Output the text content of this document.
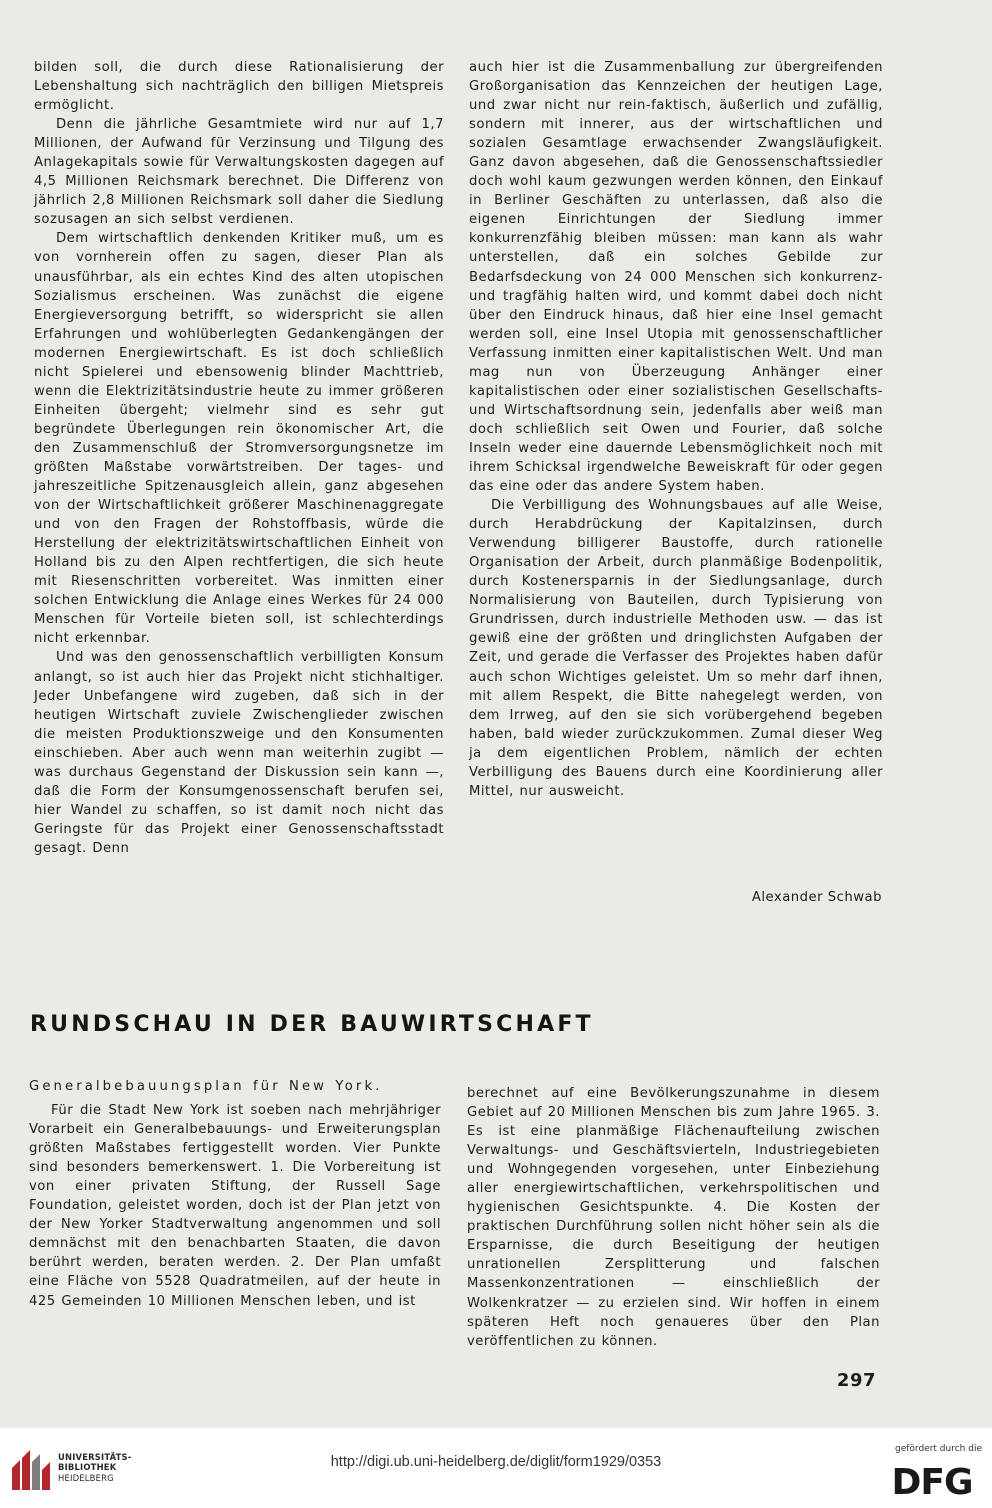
bilden soll, die durch diese Rationalisierung der Lebenshaltung sich nachträglich den billigen Mietspreis ermöglicht.

Denn die jährliche Gesamtmiete wird nur auf 1,7 Millionen, der Aufwand für Verzinsung und Tilgung des Anlagekapitals sowie für Verwaltungskosten dagegen auf 4,5 Millionen Reichsmark berechnet. Die Differenz von jährlich 2,8 Millionen Reichsmark soll daher die Siedlung sozusagen an sich selbst verdienen.

Dem wirtschaftlich denkenden Kritiker muß, um es von vornherein offen zu sagen, dieser Plan als unausführbar, als ein echtes Kind des alten utopischen Sozialismus erscheinen. Was zunächst die eigene Energieversorgung betrifft, so widerspricht sie allen Erfahrungen und wohlüberlegten Gedankengängen der modernen Energiewirtschaft. Es ist doch schließlich nicht Spielerei und ebensowenig blinder Machttrieb, wenn die Elektrizitätsindustrie heute zu immer größeren Einheiten übergeht; vielmehr sind es sehr gut begründete Überlegungen rein ökonomischer Art, die den Zusammenschluß der Stromversorgungsnetze im größten Maßstabe vorwärtstreiben. Der tages- und jahreszeitliche Spitzenausgleich allein, ganz abgesehen von der Wirtschaftlichkeit größerer Maschinenaggregate und von den Fragen der Rohstoffbasis, würde die Herstellung der elektrizitätswirtschaftlichen Einheit von Holland bis zu den Alpen rechtfertigen, die sich heute mit Riesenschritten vorbereitet. Was inmitten einer solchen Entwicklung die Anlage eines Werkes für 24 000 Menschen für Vorteile bieten soll, ist schlechterdings nicht erkennbar.

Und was den genossenschaftlich verbilligten Konsum anlangt, so ist auch hier das Projekt nicht stichhaltiger. Jeder Unbefangene wird zugeben, daß sich in der heutigen Wirtschaft zuviele Zwischenglieder zwischen die meisten Produktionszweige und den Konsumenten einschieben. Aber auch wenn man weiterhin zugibt — was durchaus Gegenstand der Diskussion sein kann —, daß die Form der Konsumgenossenschaft berufen sei, hier Wandel zu schaffen, so ist damit noch nicht das Geringste für das Projekt einer Genossenschaftsstadt gesagt. Denn

auch hier ist die Zusammenballung zur übergreifenden Großorganisation das Kennzeichen der heutigen Lage, und zwar nicht nur rein-faktisch, äußerlich und zufällig, sondern mit innerer, aus der wirtschaftlichen und sozialen Gesamtlage erwachsender Zwangsläufigkeit. Ganz davon abgesehen, daß die Genossenschaftssiedler doch wohl kaum gezwungen werden können, den Einkauf in Berliner Geschäften zu unterlassen, daß also die eigenen Einrichtungen der Siedlung immer konkurrenzfähig bleiben müssen: man kann als wahr unterstellen, daß ein solches Gebilde zur Bedarfsdeckung von 24 000 Menschen sich konkurrenz- und tragfähig halten wird, und kommt dabei doch nicht über den Eindruck hinaus, daß hier eine Insel gemacht werden soll, eine Insel Utopia mit genossenschaftlicher Verfassung inmitten einer kapitalistischen Welt. Und man mag nun von Überzeugung Anhänger einer kapitalistischen oder einer sozialistischen Gesellschafts- und Wirtschaftsordnung sein, jedenfalls aber weiß man doch schließlich seit Owen und Fourier, daß solche Inseln weder eine dauernde Lebensmöglichkeit noch mit ihrem Schicksal irgendwelche Beweiskraft für oder gegen das eine oder das andere System haben.

Die Verbilligung des Wohnungsbaues auf alle Weise, durch Herabdrückung der Kapitalzinsen, durch Verwendung billigerer Baustoffe, durch rationelle Organisation der Arbeit, durch planmäßige Bodenpolitik, durch Kostenersparnis in der Siedlungsanlage, durch Normalisierung von Bauteilen, durch Typisierung von Grundrissen, durch industrielle Methoden usw. — das ist gewiß eine der größten und dringlichsten Aufgaben der Zeit, und gerade die Verfasser des Projektes haben dafür auch schon Wichtiges geleistet. Um so mehr darf ihnen, mit allem Respekt, die Bitte nahegelegt werden, von dem Irrweg, auf den sie sich vorübergehend begeben haben, bald wieder zurückzukommen. Zumal dieser Weg ja dem eigentlichen Problem, nämlich der echten Verbilligung des Bauens durch eine Koordinierung aller Mittel, nur ausweicht.

Alexander Schwab
RUNDSCHAU IN DER BAUWIRTSCHAFT

Generalbebauungsplan für New York.

Für die Stadt New York ist soeben nach mehrjähriger Vorarbeit ein Generalbebauungs- und Erweiterungsplan größten Maßstabes fertiggestellt worden. Vier Punkte sind besonders bemerkenswert. 1. Die Vorbereitung ist von einer privaten Stiftung, der Russell Sage Foundation, geleistet worden, doch ist der Plan jetzt von der New Yorker Stadtverwaltung angenommen und soll demnächst mit den benachbarten Staaten, die davon berührt werden, beraten werden. 2. Der Plan umfaßt eine Fläche von 5528 Quadratmeilen, auf der heute in 425 Gemeinden 10 Millionen Menschen leben, und ist

berechnet auf eine Bevölkerungszunahme in diesem Gebiet auf 20 Millionen Menschen bis zum Jahre 1965. 3. Es ist eine planmäßige Flächenaufteilung zwischen Verwaltungs- und Geschäftsvierteln, Industriegebieten und Wohngegenden vorgesehen, unter Einbeziehung aller energiewirtschaftlichen, verkehrspolitischen und hygienischen Gesichtspunkte. 4. Die Kosten der praktischen Durchführung sollen nicht höher sein als die Ersparnisse, die durch Beseitigung der heutigen unrationellen Zersplitterung und falschen Massenkonzentrationen — einschließlich der Wolkenkratzer — zu erzielen sind. Wir hoffen in einem späteren Heft noch genaueres über den Plan veröffentlichen zu können.

297
UNIVERSITÄTS-
BIBLIOTHEK
HEIDELBERG
http://digi.ub.uni-heidelberg.de/diglit/form1929/0353
gefördert durch die
DFG
